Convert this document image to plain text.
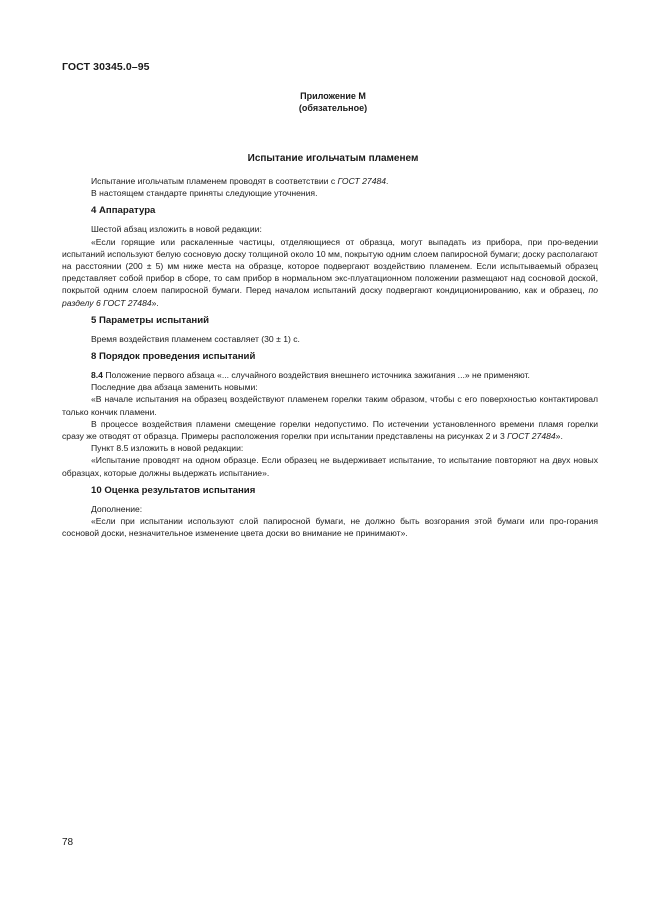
ГОСТ 30345.0–95
Приложение М
(обязательное)
Испытание игольчатым пламенем

Испытание игольчатым пламенем проводят в соответствии с ГОСТ 27484.

В настоящем стандарте приняты следующие уточнения.

4 Аппаратура

Шестой абзац изложить в новой редакции:

«Если горящие или раскаленные частицы, отделяющиеся от образца, могут выпадать из прибора, при про-ведении испытаний используют белую сосновую доску толщиной около 10 мм, покрытую одним слоем папиросной бумаги; доску располагают на расстоянии (200 ± 5) мм ниже места на образце, которое подвергают воздействию пламенем. Если испытываемый образец представляет собой прибор в сборе, то сам прибор в нормальном экс-плуатационном положении размещают над сосновой доской, покрытой одним слоем папиросной бумаги. Перед началом испытаний доску подвергают кондиционированию, как и образец, по разделу 6 ГОСТ 27484».

5 Параметры испытаний

Время воздействия пламенем составляет (30 ± 1) с.

8 Порядок проведения испытаний

8.4 Положение первого абзаца «... случайного воздействия внешнего источника зажигания ...» не применяют.

Последние два абзаца заменить новыми:

«В начале испытания на образец воздействуют пламенем горелки таким образом, чтобы с его поверхностью контактировал только кончик пламени.

В процессе воздействия пламени смещение горелки недопустимо. По истечении установленного времени пламя горелки сразу же отводят от образца. Примеры расположения горелки при испытании представлены на рисунках 2 и 3 ГОСТ 27484».

Пункт 8.5 изложить в новой редакции:

«Испытание проводят на одном образце. Если образец не выдерживает испытание, то испытание повторяют на двух новых образцах, которые должны выдержать испытание».

10 Оценка результатов испытания

Дополнение:

«Если при испытании используют слой папиросной бумаги, не должно быть возгорания этой бумаги или про-горания сосновой доски, незначительное изменение цвета доски во внимание не принимают».

78
